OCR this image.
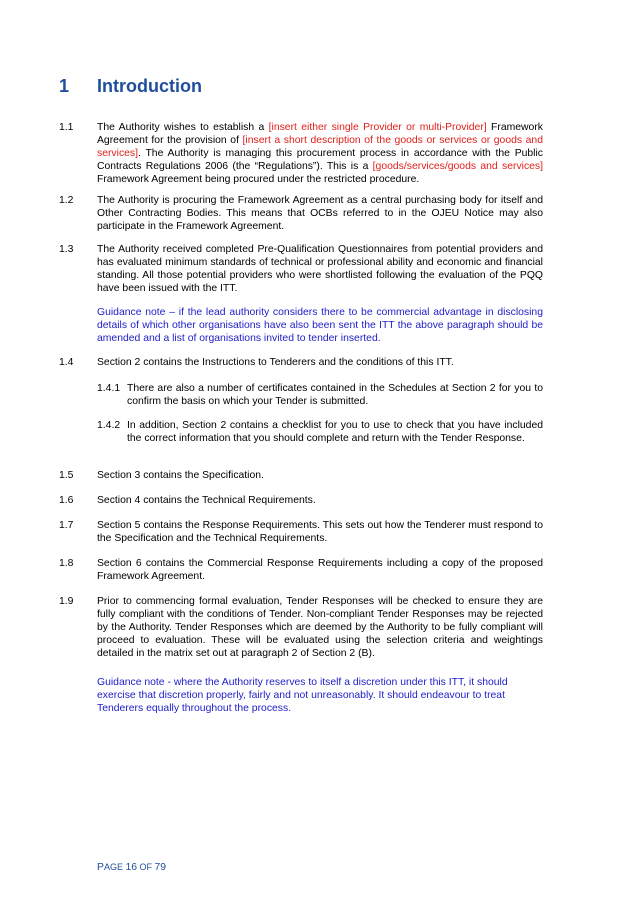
1 Introduction
1.1 The Authority wishes to establish a [insert either single Provider or multi-Provider] Framework Agreement for the provision of [insert a short description of the goods or services or goods and services]. The Authority is managing this procurement process in accordance with the Public Contracts Regulations 2006 (the “Regulations”). This is a [goods/services/goods and services] Framework Agreement being procured under the restricted procedure.
1.2 The Authority is procuring the Framework Agreement as a central purchasing body for itself and Other Contracting Bodies. This means that OCBs referred to in the OJEU Notice may also participate in the Framework Agreement.
1.3 The Authority received completed Pre-Qualification Questionnaires from potential providers and has evaluated minimum standards of technical or professional ability and economic and financial standing. All those potential providers who were shortlisted following the evaluation of the PQQ have been issued with the ITT.
Guidance note – if the lead authority considers there to be commercial advantage in disclosing details of which other organisations have also been sent the ITT the above paragraph should be amended and a list of organisations invited to tender inserted.
1.4 Section 2 contains the Instructions to Tenderers and the conditions of this ITT.
1.4.1 There are also a number of certificates contained in the Schedules at Section 2 for you to confirm the basis on which your Tender is submitted.
1.4.2 In addition, Section 2 contains a checklist for you to use to check that you have included the correct information that you should complete and return with the Tender Response.
1.5 Section 3 contains the Specification.
1.6 Section 4 contains the Technical Requirements.
1.7 Section 5 contains the Response Requirements. This sets out how the Tenderer must respond to the Specification and the Technical Requirements.
1.8 Section 6 contains the Commercial Response Requirements including a copy of the proposed Framework Agreement.
1.9 Prior to commencing formal evaluation, Tender Responses will be checked to ensure they are fully compliant with the conditions of Tender. Non-compliant Tender Responses may be rejected by the Authority. Tender Responses which are deemed by the Authority to be fully compliant will proceed to evaluation. These will be evaluated using the selection criteria and weightings detailed in the matrix set out at paragraph 2 of Section 2 (B).
Guidance note - where the Authority reserves to itself a discretion under this ITT, it should exercise that discretion properly, fairly and not unreasonably. It should endeavour to treat Tenderers equally throughout the process.
PAGE 16 OF 79
